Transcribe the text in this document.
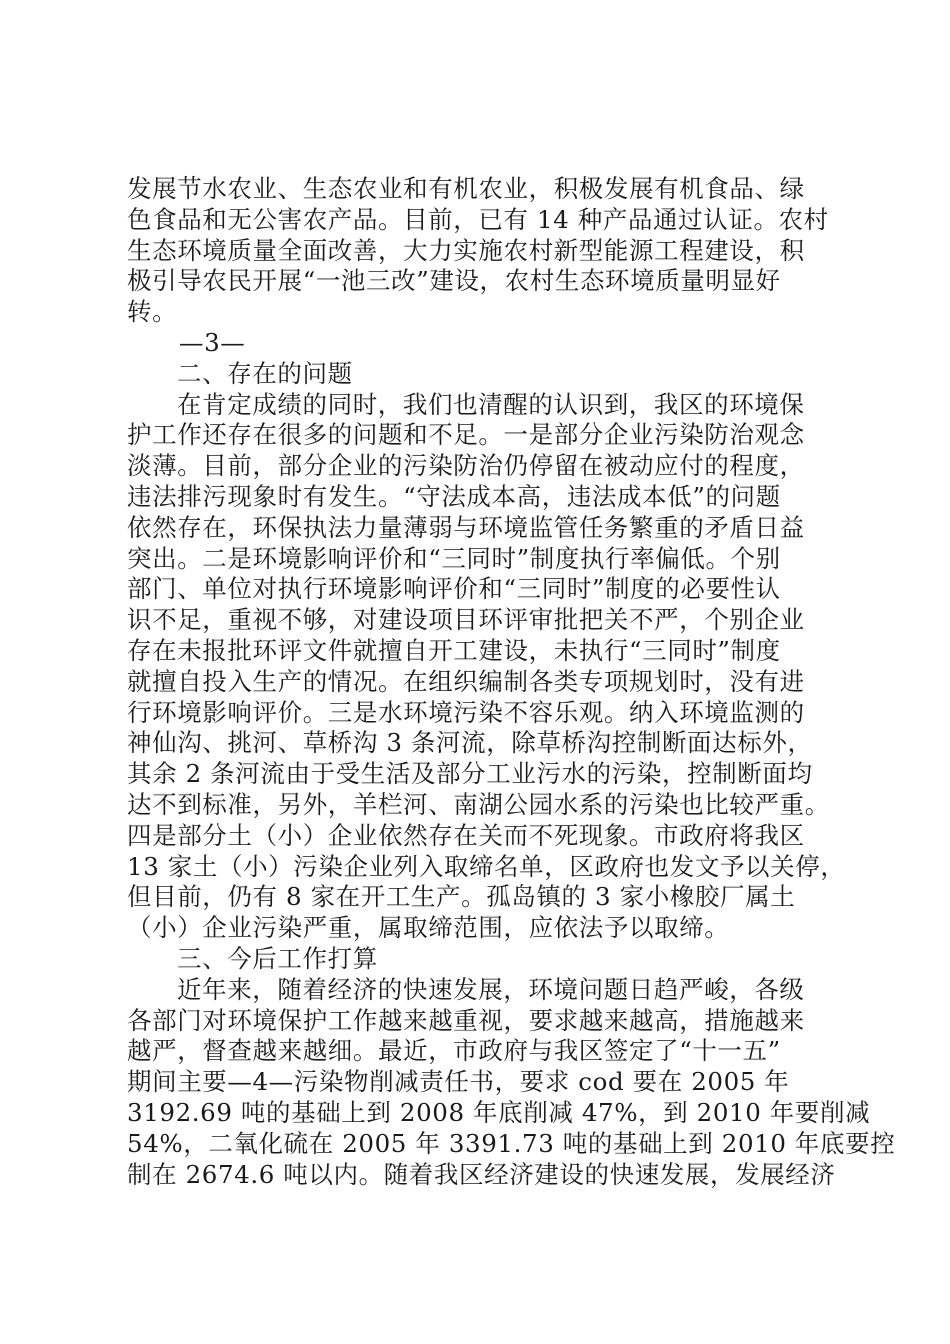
发展节水农业、生态农业和有机农业，积极发展有机食品、绿
色食品和无公害农产品。目前，已有 14 种产品通过认证。农村
生态环境质量全面改善，大力实施农村新型能源工程建设，积
极引导农民开展“一池三改”建设，农村生态环境质量明显好
转。
—3—
二、存在的问题
在肯定成绩的同时，我们也清醒的认识到，我区的环境保
护工作还存在很多的问题和不足。一是部分企业污染防治观念
淡薄。目前，部分企业的污染防治仍停留在被动应付的程度，
违法排污现象时有发生。“守法成本高，违法成本低”的问题
依然存在，环保执法力量薄弱与环境监管任务繁重的矛盾日益
突出。二是环境影响评价和“三同时”制度执行率偏低。个别
部门、单位对执行环境影响评价和“三同时”制度的必要性认
识不足，重视不够，对建设项目环评审批把关不严，个别企业
存在未报批环评文件就擅自开工建设，未执行“三同时”制度
就擅自投入生产的情况。在组织编制各类专项规划时，没有进
行环境影响评价。三是水环境污染不容乐观。纳入环境监测的
神仙沟、挑河、草桥沟 3 条河流，除草桥沟控制断面达标外，
其余 2 条河流由于受生活及部分工业污水的污染，控制断面均
达不到标准，另外，羊栏河、南湖公园水系的污染也比较严重。
四是部分土（小）企业依然存在关而不死现象。市政府将我区
13 家土（小）污染企业列入取缔名单，区政府也发文予以关停，
但目前，仍有 8 家在开工生产。孤岛镇的 3 家小橡胶厂属土
（小）企业污染严重，属取缔范围，应依法予以取缔。
三、今后工作打算
近年来，随着经济的快速发展，环境问题日趋严峻，各级
各部门对环境保护工作越来越重视，要求越来越高，措施越来
越严，督查越来越细。最近，市政府与我区签定了“十一五”
期间主要—4—污染物削减责任书，要求 cod 要在 2005 年
3192.69 吨的基础上到 2008 年底削减 47%，到 2010 年要削减
54%，二氧化硫在 2005 年 3391.73 吨的基础上到 2010 年底要控
制在 2674.6 吨以内。随着我区经济建设的快速发展，发展经济
